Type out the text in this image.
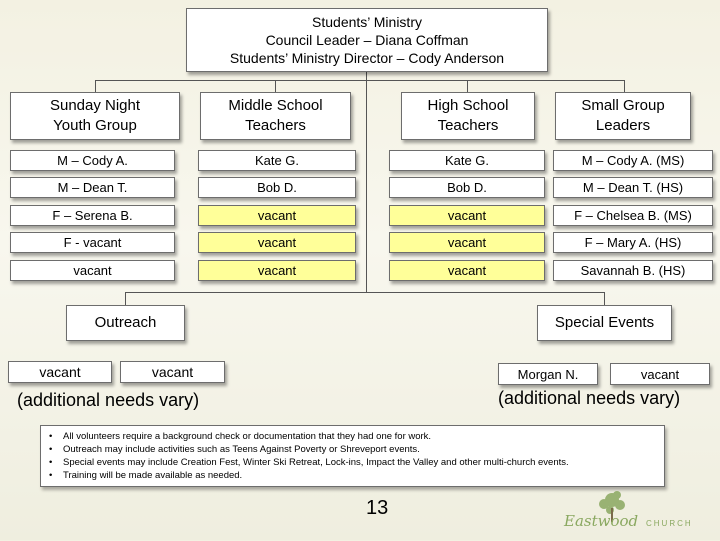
Students’ Ministry
Council Leader – Diana Coffman
Students’ Ministry Director – Cody Anderson
Sunday Night
Youth Group
Middle School
Teachers
High School
Teachers
Small Group
Leaders
M – Cody A.
M – Dean T.
F – Serena B.
F - vacant
vacant
Kate G.
Bob D.
vacant
vacant
vacant
Kate G.
Bob D.
vacant
vacant
vacant
M – Cody A. (MS)
M – Dean T. (HS)
F – Chelsea B. (MS)
F – Mary A. (HS)
Savannah B. (HS)
Outreach
vacant	vacant
(additional needs vary)
Special Events
Morgan N.	vacant
(additional needs vary)
• All volunteers require a background check or documentation that they had one for work.
• Outreach may include activities such as Teens Against Poverty or Shreveport events.
• Special events may include Creation Fest, Winter Ski Retreat, Lock-ins, Impact the Valley and other multi-church events.
• Training will be made available as needed.
13
Eastwood CHURCH
